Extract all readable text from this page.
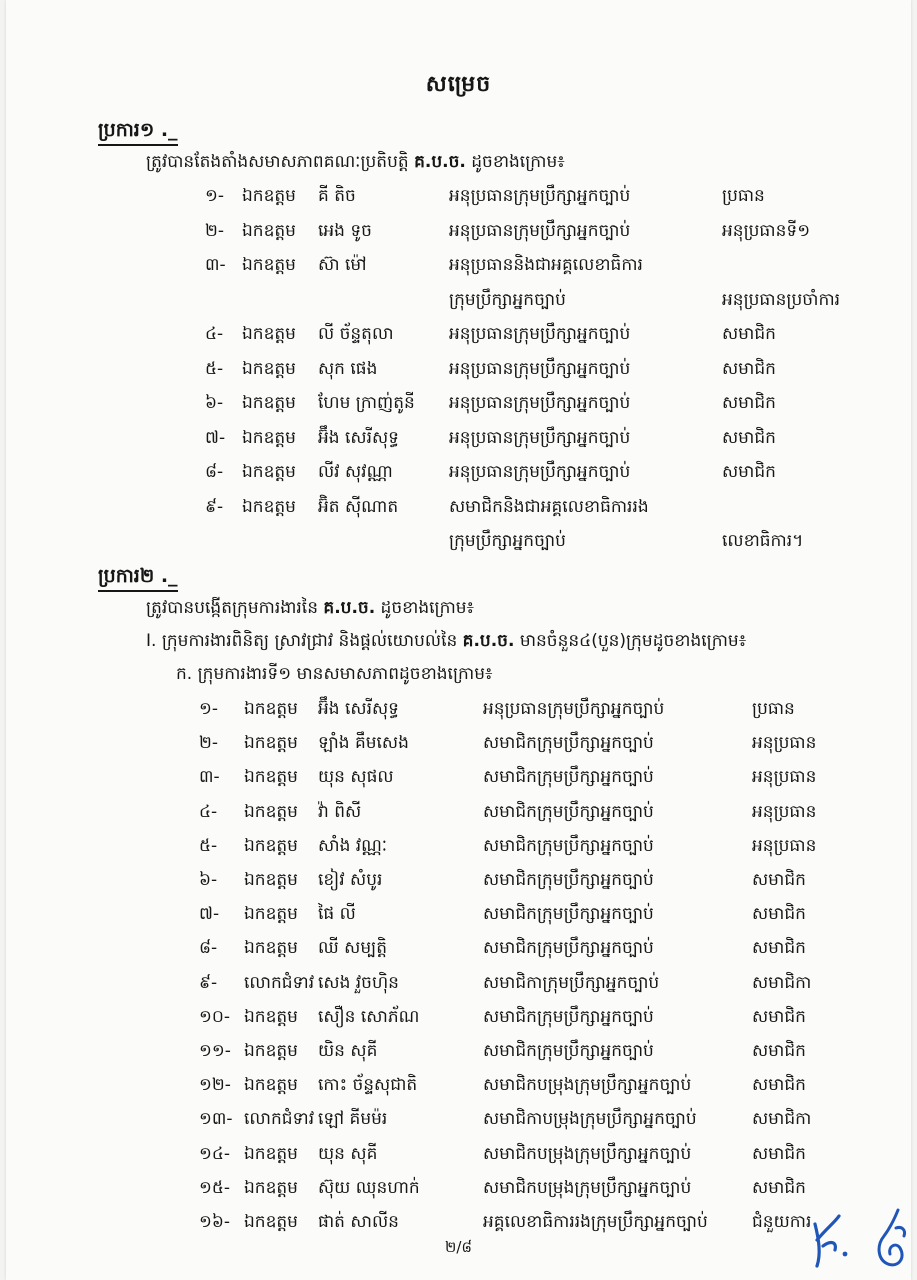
សម្រេច
ប្រការ១ ._
ត្រូវបានតែងតាំងសមាសភាពគណៈប្រតិបត្តិ គ.ប.ច. ដូចខាងក្រោម៖
១- ឯកឧត្តម គី តិច	អនុប្រធានក្រុមប្រឹក្សាអ្នកច្បាប់	ប្រធាន
២- ឯកឧត្តម អេង ទូច	អនុប្រធានក្រុមប្រឹក្សាអ្នកច្បាប់	អនុប្រធានទី១
៣- ឯកឧត្តម ស៊ា ម៉ៅ	អនុប្រធាននិងជាអគ្គលេខាធិការ
ក្រុមប្រឹក្សាអ្នកច្បាប់	អនុប្រធានប្រចាំការ
៤- ឯកឧត្តម លី ច័ន្ទតុលា	អនុប្រធានក្រុមប្រឹក្សាអ្នកច្បាប់	សមាជិក
៥- ឯកឧត្តម សុក ផេង	អនុប្រធានក្រុមប្រឹក្សាអ្នកច្បាប់	សមាជិក
៦- ឯកឧត្តម ហែម ក្រាញ់តូនី អនុប្រធានក្រុមប្រឹក្សាអ្នកច្បាប់	សមាជិក
៧- ឯកឧត្តម អ៊ឹង សេរីសុទ្ធ	អនុប្រធានក្រុមប្រឹក្សាអ្នកច្បាប់	សមាជិក
៨- ឯកឧត្តម លីវ សុវណ្ណា	អនុប្រធានក្រុមប្រឹក្សាអ្នកច្បាប់	សមាជិក
៩- ឯកឧត្តម អ៊ិត ស៊ីណាត	សមាជិកនិងជាអគ្គលេខាធិការរង
ក្រុមប្រឹក្សាអ្នកច្បាប់	លេខាធិការ។
ប្រការ២ ._
ត្រូវបានបង្កើតក្រុមការងារនៃ គ.ប.ច. ដូចខាងក្រោម៖
I. ក្រុមការងារពិនិត្យ ស្រាវជ្រាវ និងផ្តល់យោបល់នៃ គ.ប.ច. មានចំនួន៤(បួន)ក្រុមដូចខាងក្រោម៖
ក. ក្រុមការងារទី១ មានសមាសភាពដូចខាងក្រោម៖
១- ឯកឧត្តម អ៊ឹង សេរីសុទ្ធ	អនុប្រធានក្រុមប្រឹក្សាអ្នកច្បាប់	ប្រធាន
២- ឯកឧត្តម ឡាំង គឹមសេង	សមាជិកក្រុមប្រឹក្សាអ្នកច្បាប់	អនុប្រធាន
៣- ឯកឧត្តម យុន សុផល	សមាជិកក្រុមប្រឹក្សាអ្នកច្បាប់	អនុប្រធាន
៤- ឯកឧត្តម វ៉ា ពិសី	សមាជិកក្រុមប្រឹក្សាអ្នកច្បាប់	អនុប្រធាន
៥- ឯកឧត្តម សាំង វណ្ណៈ	សមាជិកក្រុមប្រឹក្សាអ្នកច្បាប់	អនុប្រធាន
៦- ឯកឧត្តម ខៀវ សំបូរ	សមាជិកក្រុមប្រឹក្សាអ្នកច្បាប់	សមាជិក
៧- ឯកឧត្តម ផៃ លី	សមាជិកក្រុមប្រឹក្សាអ្នកច្បាប់	សមាជិក
៨- ឯកឧត្តម ឈី សម្បត្តិ	សមាជិកក្រុមប្រឹក្សាអ្នកច្បាប់	សមាជិក
៩- លោកជំទាវ សេង វួចហ៊ិន	សមាជិកាក្រុមប្រឹក្សាអ្នកច្បាប់	សមាជិកា
១០- ឯកឧត្តម សឿន សោភ័ណ	សមាជិកក្រុមប្រឹក្សាអ្នកច្បាប់	សមាជិក
១១- ឯកឧត្តម យិន សុគី	សមាជិកក្រុមប្រឹក្សាអ្នកច្បាប់	សមាជិក
១២- ឯកឧត្តម កោះ ច័ន្ទសុជាតិ	សមាជិកបម្រុងក្រុមប្រឹក្សាអ្នកច្បាប់	សមាជិក
១៣- លោកជំទាវ ឡៅ គីមម៉រ	សមាជិកាបម្រុងក្រុមប្រឹក្សាអ្នកច្បាប់	សមាជិកា
១៤- ឯកឧត្តម យុន សុគី	សមាជិកបម្រុងក្រុមប្រឹក្សាអ្នកច្បាប់	សមាជិក
១៥- ឯកឧត្តម ស៊ុយ ឈុនហាក់	សមាជិកបម្រុងក្រុមប្រឹក្សាអ្នកច្បាប់	សមាជិក
១៦- ឯកឧត្តម ផាត់ សាលីន	អគ្គលេខាធិការរងក្រុមប្រឹក្សាអ្នកច្បាប់	ជំនួយការ
២/៨
